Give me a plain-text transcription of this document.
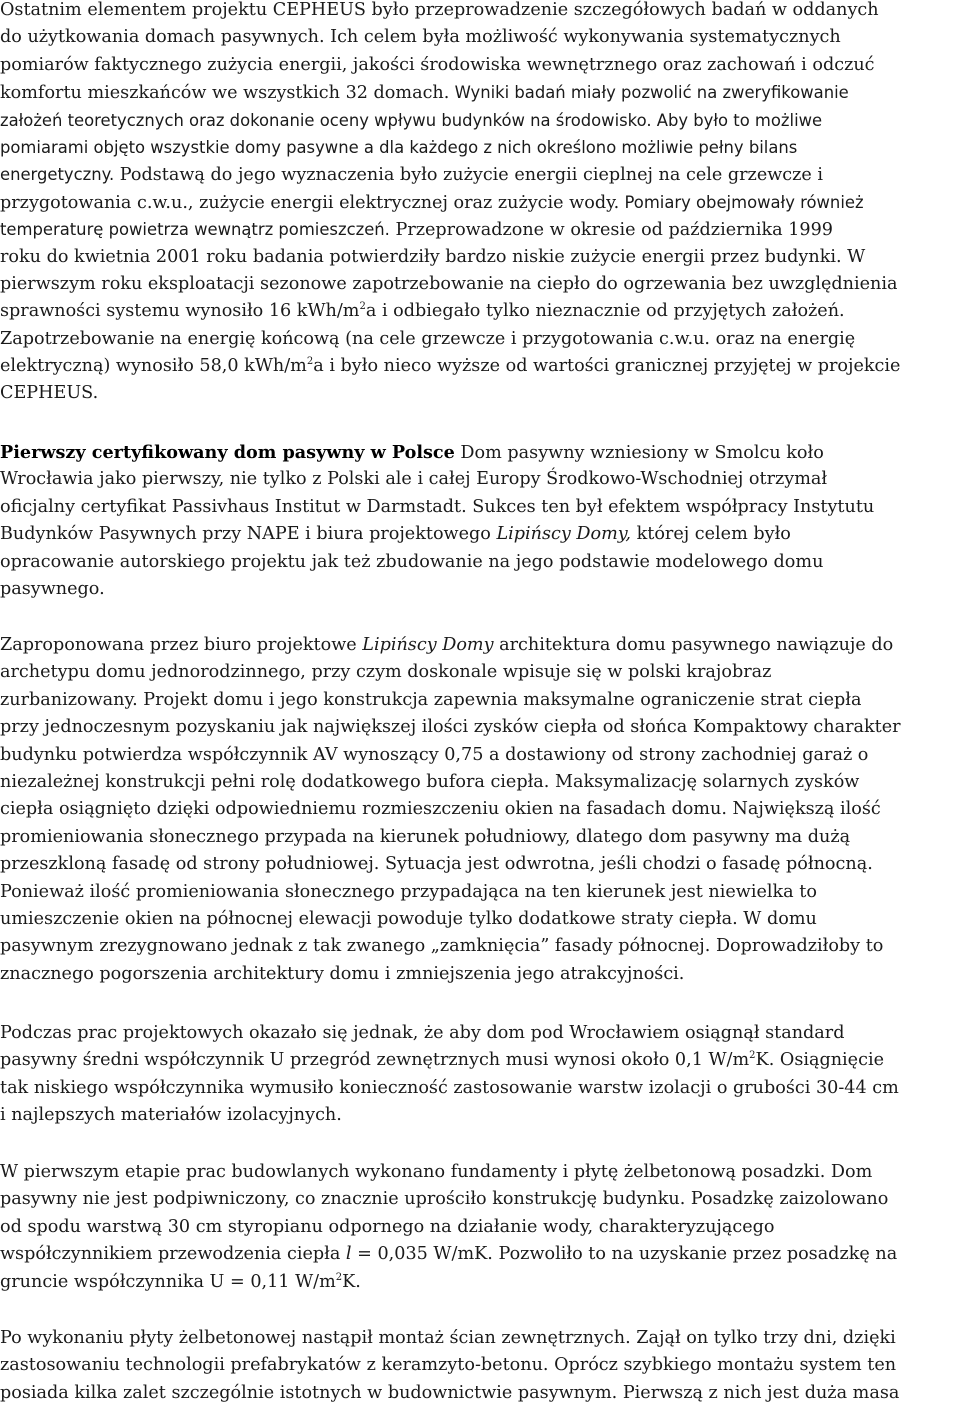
Ostatnim elementem projektu CEPHEUS było przeprowadzenie szczegółowych badań w oddanych
do użytkowania domach pasywnych. Ich celem była możliwość wykonywania systematycznych
pomiarów faktycznego zużycia energii, jakości środowiska wewnętrznego oraz zachowań i odczuć
komfortu mieszkańców we wszystkich 32 domach. Wyniki badań miały pozwolić na zweryfikowanie
założeń teoretycznych oraz dokonanie oceny wpływu budynków na środowisko. Aby było to możliwe
pomiarami objęto wszystkie domy pasywne a dla każdego z nich określono możliwie pełny bilans
energetyczny. Podstawą do jego wyznaczenia było zużycie energii cieplnej na cele grzewcze i
przygotowania c.w.u., zużycie energii elektrycznej oraz zużycie wody. Pomiary obejmowały również
temperaturę powietrza wewnątrz pomieszczeń. Przeprowadzone w okresie od października 1999
roku do kwietnia 2001 roku badania potwierdziły bardzo niskie zużycie energii przez budynki. W
pierwszym roku eksploatacji sezonowe zapotrzebowanie na ciepło do ogrzewania bez uwzględnienia
sprawności systemu wynosiło 16 kWh/$m^2a$ i odbiegało tylko nieznacznie od przyjętych założeń.
Zapotrzebowanie na energię końcową (na cele grzewcze i przygotowania c.w.u. oraz na energię
elektryczną) wynosiło 58,0 kWh/$m^2a$ i było nieco wyższe od wartości granicznej przyjętej w projekcie
CEPHEUS.
Pierwszy certyfikowany dom pasywny w Polsce Dom pasywny wzniesiony w Smolcu koło
Wrocławia jako pierwszy, nie tylko z Polski ale i całej Europy Środkowo-Wschodniej otrzymał
oficjalny certyfikat Passivhaus Institut w Darmstadt. Sukces ten był efektem współpracy Instytutu
Budynków Pasywnych przy NAPE i biura projektowego Lipińscy Domy, której celem było
opracowanie autorskiego projektu jak też zbudowanie na jego podstawie modelowego domu
pasywnego.
Zaproponowana przez biuro projektowe Lipińscy Domy architektura domu pasywnego nawiązuje do
archetypu domu jednorodzinnego, przy czym doskonale wpisuje się w polski krajobraz
zurbanizowany. Projekt domu i jego konstrukcja zapewnia maksymalne ograniczenie strat ciepła
przy jednoczesnym pozyskaniu jak największej ilości zysków ciepła od słońca Kompaktowy charakter
budynku potwierdza współczynnik AV wynoszący 0,75 a dostawiony od strony zachodniej garaż o
niezależnej konstrukcji pełni rolę dodatkowego bufora ciepła. Maksymalizację solarnych zysków
ciepła osiągnięto dzięki odpowiedniemu rozmieszczeniu okien na fasadach domu. Największą ilość
promieniowania słonecznego przypada na kierunek południowy, dlatego dom pasywny ma dużą
przeszkloną fasadę od strony południowej. Sytuacja jest odwrotna, jeśli chodzi o fasadę północną.
Ponieważ ilość promieniowania słonecznego przypadająca na ten kierunek jest niewielka to
umieszczenie okien na północnej elewacji powoduje tylko dodatkowe straty ciepła. W domu
pasywnym zrezygnowano jednak z tak zwanego „zamknięcia” fasady północnej. Doprowadziłoby to
znacznego pogorszenia architektury domu i zmniejszenia jego atrakcyjności.
Podczas prac projektowych okazało się jednak, że aby dom pod Wrocławiem osiągnął standard
pasywny średni współczynnik U przegród zewnętrznych musi wynosi około 0,1 $W/m^2K$. Osiągnięcie
tak niskiego współczynnika wymusiło konieczność zastosowanie warstw izolacji o grubości 30-44 cm
i najlepszych materiałów izolacyjnych.
W pierwszym etapie prac budowlanych wykonano fundamenty i płytę żelbetonową posadzki. Dom
pasywny nie jest podpiwniczony, co znacznie uprościło konstrukcję budynku. Posadzkę zaizolowano
od spodu warstwą 30 cm styropianu odpornego na działanie wody, charakteryzującego
współczynnikiem przewodzenia ciepła l = 0,035 W/mK. Pozwoliło to na uzyskanie przez posadzkę na
gruncie współczynnika U = 0,11 $W/m^2K$.
Po wykonaniu płyty żelbetonowej nastąpił montaż ścian zewnętrznych. Zajął on tylko trzy dni, dzięki
zastosowaniu technologii prefabrykatów z keramzyto-betonu. Oprócz szybkiego montażu system ten
posiada kilka zalet szczególnie istotnych w budownictwie pasywnym. Pierwszą z nich jest duża masa
